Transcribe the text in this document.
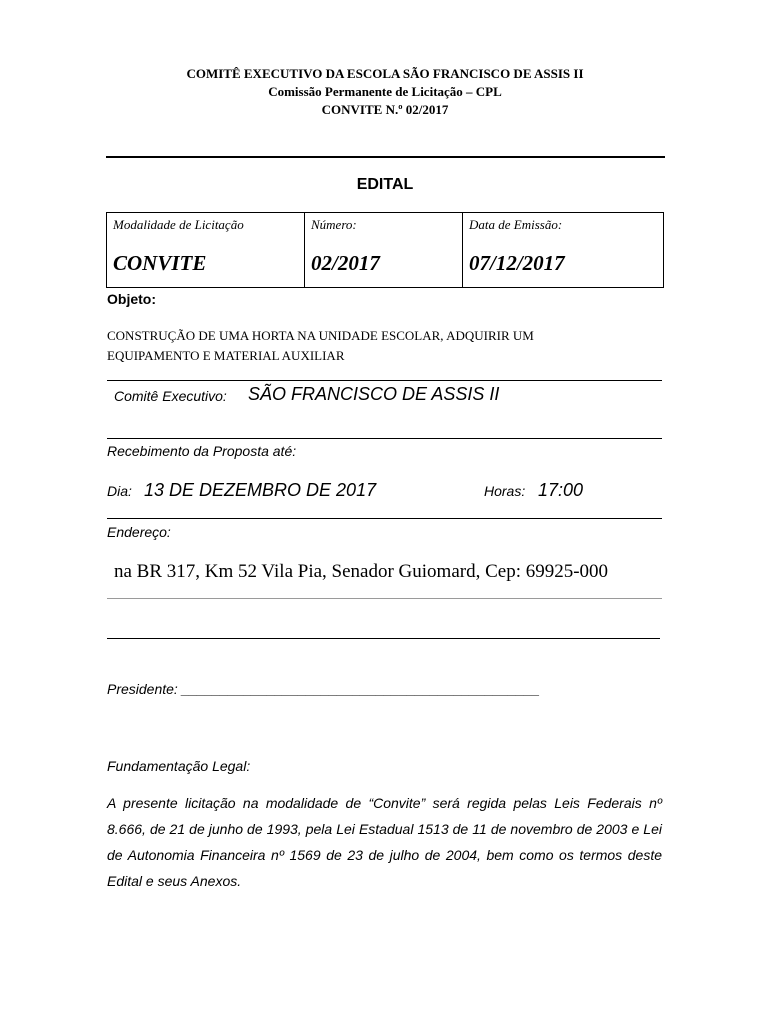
COMITÊ EXECUTIVO DA ESCOLA SÃO FRANCISCO DE ASSIS II
Comissão Permanente de Licitação – CPL
CONVITE N.º 02/2017
EDITAL
Modalidade de Licitação
CONVITE
Número:
02/2017
Data de Emissão:
07/12/2017
Objeto:
CONSTRUÇÃO DE UMA HORTA NA UNIDADE ESCOLAR, ADQUIRIR UM
EQUIPAMENTO E MATERIAL AUXILIAR
Comitê Executivo: SÃO FRANCISCO DE ASSIS II
Recebimento da Proposta até:
Dia: 13 DE DEZEMBRO DE 2017	Horas: 17:00
Endereço:
na BR 317, Km 52 Vila Pia, Senador Guiomard, Cep: 69925-000
Presidente: ______________________________________________
Fundamentação Legal:

A presente licitação na modalidade de “Convite” será regida pelas Leis Federais nº 8.666, de 21 de junho de 1993, pela Lei Estadual 1513 de 11 de novembro de 2003 e Lei de Autonomia Financeira nº 1569 de 23 de julho de 2004, bem como os termos deste Edital e seus Anexos.
